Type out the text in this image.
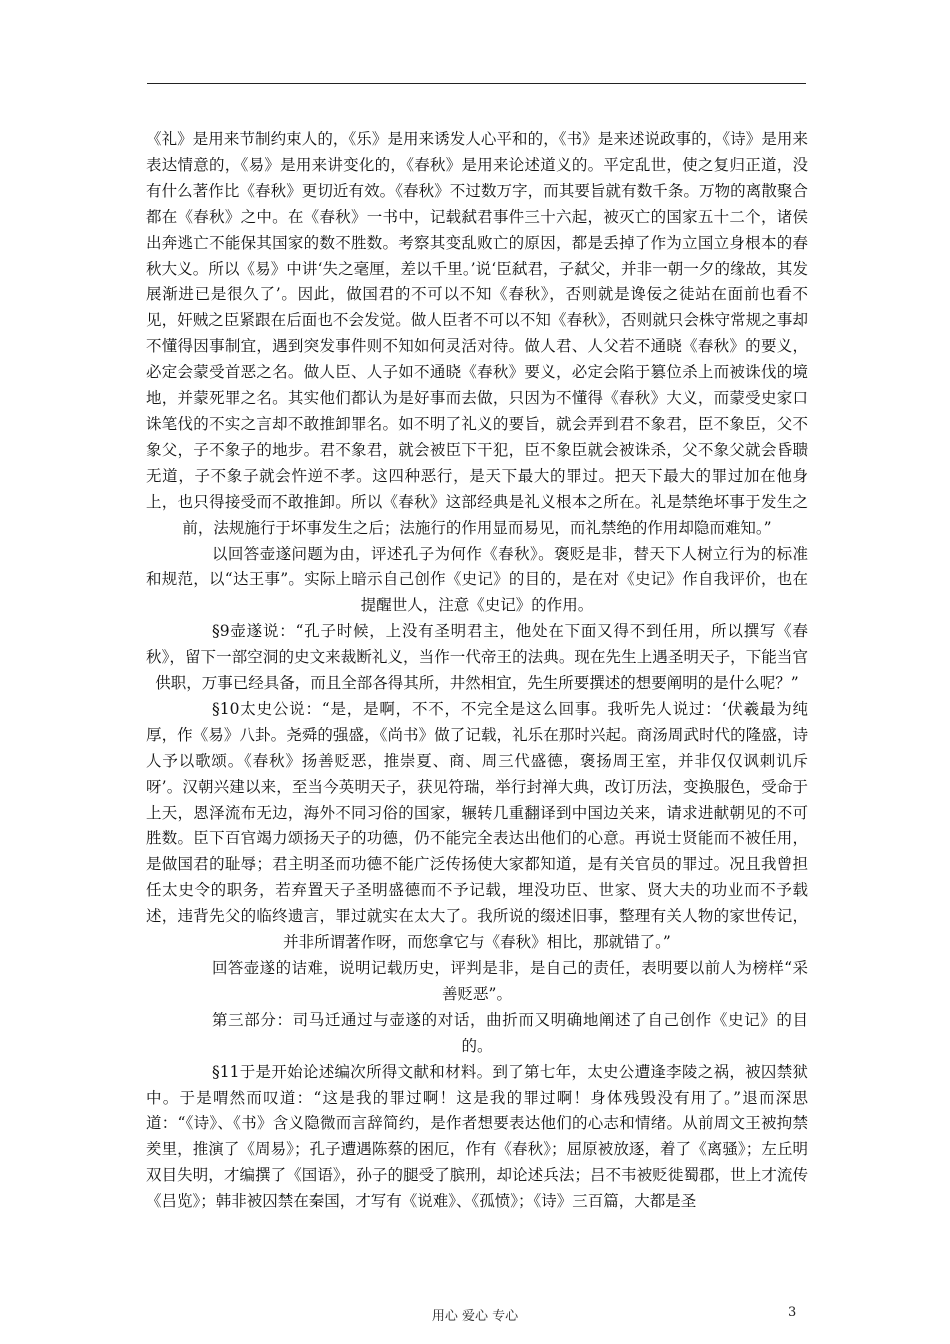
《礼》是用来节制约束人的，《乐》是用来诱发人心平和的，《书》是来述说政事的，《诗》是用来表达情意的，《易》是用来讲变化的，《春秋》是用来论述道义的。平定乱世，使之复归正道，没有什么著作比《春秋》更切近有效。《春秋》不过数万字，而其要旨就有数千条。万物的离散聚合都在《春秋》之中。在《春秋》一书中，记载弑君事件三十六起，被灭亡的国家五十二个，诸侯出奔逃亡不能保其国家的数不胜数。考察其变乱败亡的原因，都是丢掉了作为立国立身根本的春秋大义。所以《易》中讲‘失之毫厘，差以千里。’说‘臣弑君，子弑父，并非一朝一夕的缘故，其发展渐进已是很久了’。因此，做国君的不可以不知《春秋》，否则就是谗佞之徒站在面前也看不见，奸贼之臣紧跟在后面也不会发觉。做人臣者不可以不知《春秋》，否则就只会株守常规之事却不懂得因事制宜，遇到突发事件则不知如何灵活对待。做人君、人父若不通晓《春秋》的要义，必定会蒙受首恶之名。做人臣、人子如不通晓《春秋》要义，必定会陷于篡位杀上而被诛伐的境地，并蒙死罪之名。其实他们都认为是好事而去做，只因为不懂得《春秋》大义，而蒙受史家口诛笔伐的不实之言却不敢推卸罪名。如不明了礼义的要旨，就会弄到君不象君，臣不象臣，父不象父，子不象子的地步。君不象君，就会被臣下干犯，臣不象臣就会被诛杀，父不象父就会昏聩无道，子不象子就会忤逆不孝。这四种恶行，是天下最大的罪过。把天下最大的罪过加在他身上，也只得接受而不敢推卸。所以《春秋》这部经典是礼义根本之所在。礼是禁绝坏事于发生之前，法规施行于坏事发生之后；法施行的作用显而易见，而礼禁绝的作用却隐而难知。”

以回答壶遂问题为由，评述孔子为何作《春秋》。褒贬是非，替天下人树立行为的标准和规范，以“达王事”。实际上暗示自己创作《史记》的目的，是在对《史记》作自我评价，也在提醒世人，注意《史记》的作用。

§9壶遂说：“孔子时候，上没有圣明君主，他处在下面又得不到任用，所以撰写《春秋》，留下一部空洞的史文来裁断礼义，当作一代帝王的法典。现在先生上遇圣明天子，下能当官供职，万事已经具备，而且全部各得其所，井然相宜，先生所要撰述的想要阐明的是什么呢？”

§10太史公说：“是，是啊，不不，不完全是这么回事。我听先人说过：‘伏羲最为纯厚，作《易》八卦。尧舜的强盛，《尚书》做了记载，礼乐在那时兴起。商汤周武时代的隆盛，诗人予以歌颂。《春秋》扬善贬恶，推崇夏、商、周三代盛德，褒扬周王室，并非仅仅讽刺讥斥呀’。汉朝兴建以来，至当今英明天子，获见符瑞，举行封禅大典，改订历法，变换服色，受命于上天，恩泽流布无边，海外不同习俗的国家，辗转几重翻译到中国边关来，请求进献朝见的不可胜数。臣下百官竭力颂扬天子的功德，仍不能完全表达出他们的心意。再说士贤能而不被任用，是做国君的耻辱；君主明圣而功德不能广泛传扬使大家都知道，是有关官员的罪过。况且我曾担任太史令的职务，若弃置天子圣明盛德而不予记载，埋没功臣、世家、贤大夫的功业而不予载述，违背先父的临终遗言，罪过就实在太大了。我所说的缀述旧事，整理有关人物的家世传记，并非所谓著作呀，而您拿它与《春秋》相比，那就错了。”

回答壶遂的诘难，说明记载历史，评判是非，是自己的责任，表明要以前人为榜样“采善贬恶”。

第三部分：司马迁通过与壶遂的对话，曲折而又明确地阐述了自己创作《史记》的目的。

§11于是开始论述编次所得文献和材料。到了第七年，太史公遭逢李陵之祸，被囚禁狱中。于是喟然而叹道：“这是我的罪过啊！这是我的罪过啊！身体残毁没有用了。”退而深思道：“《诗》、《书》含义隐微而言辞简约，是作者想要表达他们的心志和情绪。从前周文王被拘禁羑里，推演了《周易》；孔子遭遇陈蔡的困厄，作有《春秋》；屈原被放逐，着了《离骚》；左丘明双目失明，才编撰了《国语》，孙子的腿受了膑刑，却论述兵法；吕不韦被贬徙蜀郡，世上才流传《吕览》；韩非被囚禁在秦国，才写有《说难》、《孤愤》；《诗》三百篇，大都是圣

用心 爱心 专心	3
